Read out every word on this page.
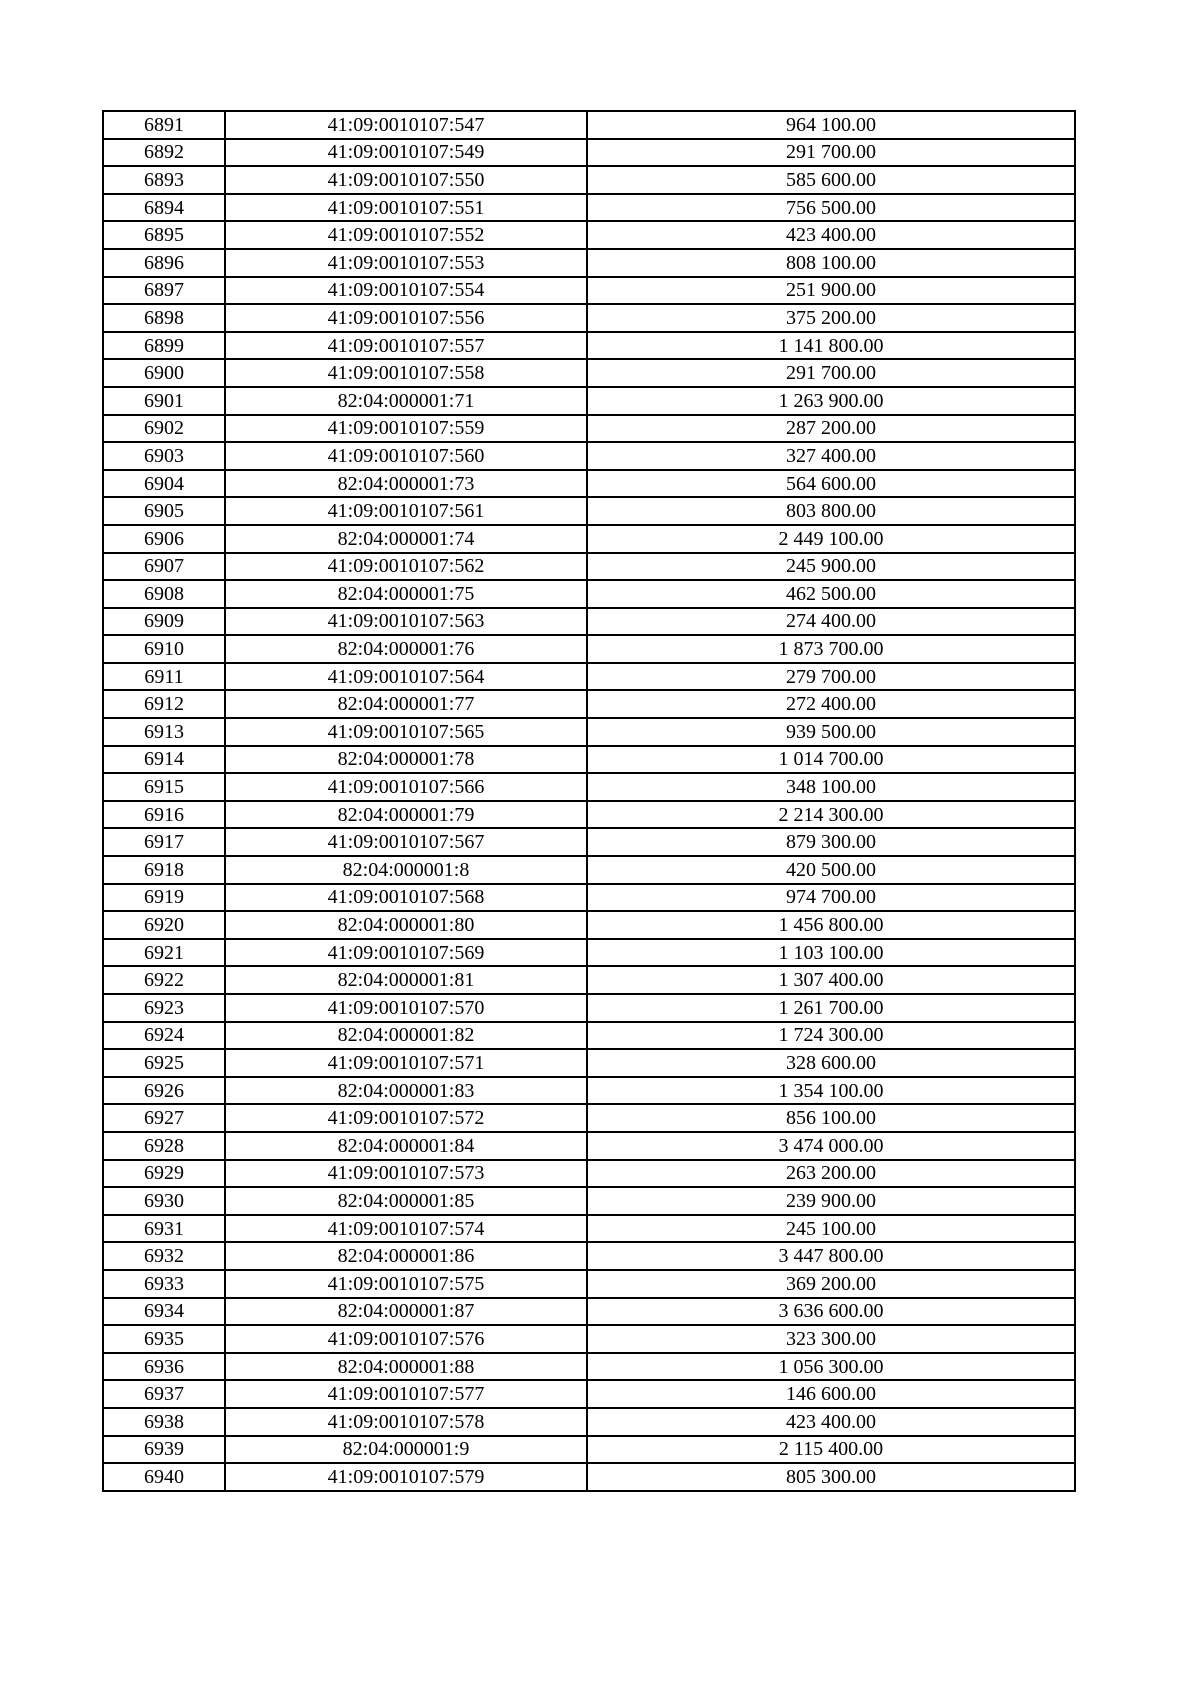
6891	41:09:0010107:547	964 100.00
6892	41:09:0010107:549	291 700.00
6893	41:09:0010107:550	585 600.00
6894	41:09:0010107:551	756 500.00
6895	41:09:0010107:552	423 400.00
6896	41:09:0010107:553	808 100.00
6897	41:09:0010107:554	251 900.00
6898	41:09:0010107:556	375 200.00
6899	41:09:0010107:557	1 141 800.00
6900	41:09:0010107:558	291 700.00
6901	82:04:000001:71	1 263 900.00
6902	41:09:0010107:559	287 200.00
6903	41:09:0010107:560	327 400.00
6904	82:04:000001:73	564 600.00
6905	41:09:0010107:561	803 800.00
6906	82:04:000001:74	2 449 100.00
6907	41:09:0010107:562	245 900.00
6908	82:04:000001:75	462 500.00
6909	41:09:0010107:563	274 400.00
6910	82:04:000001:76	1 873 700.00
6911	41:09:0010107:564	279 700.00
6912	82:04:000001:77	272 400.00
6913	41:09:0010107:565	939 500.00
6914	82:04:000001:78	1 014 700.00
6915	41:09:0010107:566	348 100.00
6916	82:04:000001:79	2 214 300.00
6917	41:09:0010107:567	879 300.00
6918	82:04:000001:8	420 500.00
6919	41:09:0010107:568	974 700.00
6920	82:04:000001:80	1 456 800.00
6921	41:09:0010107:569	1 103 100.00
6922	82:04:000001:81	1 307 400.00
6923	41:09:0010107:570	1 261 700.00
6924	82:04:000001:82	1 724 300.00
6925	41:09:0010107:571	328 600.00
6926	82:04:000001:83	1 354 100.00
6927	41:09:0010107:572	856 100.00
6928	82:04:000001:84	3 474 000.00
6929	41:09:0010107:573	263 200.00
6930	82:04:000001:85	239 900.00
6931	41:09:0010107:574	245 100.00
6932	82:04:000001:86	3 447 800.00
6933	41:09:0010107:575	369 200.00
6934	82:04:000001:87	3 636 600.00
6935	41:09:0010107:576	323 300.00
6936	82:04:000001:88	1 056 300.00
6937	41:09:0010107:577	146 600.00
6938	41:09:0010107:578	423 400.00
6939	82:04:000001:9	2 115 400.00
6940	41:09:0010107:579	805 300.00
